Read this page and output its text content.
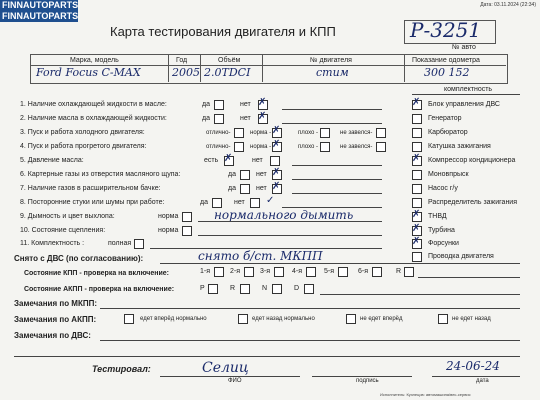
FINNAUTOPARTS
FINNAUTOPARTS
Дата: 03.11.2024 (22:34)
Карта тестирования двигателя и КПП	Р-3251
№ авто
Марка, модель	Год	Объём	№ двигателя	Показание одометра
Ford Focus C-MAX	2005 2.0TDCI	стим	300 152
1. Наличие охлаждающей жидкости в масле:	да	нет ✗
2. Наличие масла в охлаждающей жидкости:	да	нет ✗
3. Пуск и работа холодного двигателя:	отлично-	норма - ✗	плохо -	не завелся-
4. Пуск и работа прогретого двигателя:	отлично-	норма - ✗	плохо -	не завелся-
5. Давление масла:	есть ✗	нет
6. Картерные газы из отверстия масляного щупа:	да	нет ✗
7. Наличие газов в расширительном бачке:	да	нет ✗
8. Посторонние стуки или шумы при работе:	да	нет ✓
9. Дымность и цвет выхлопа:	норма	нормального дымить
10. Состояние сцепления:	норма
11. Комплектность :	полная
комплектность
✗ Блок управления ДВС
Генератор
Карбюратор
Катушка зажигания
✗ Компрессор кондиционера
Моновпрыск
Насос г/у
Распределитель зажигания
✗ ТНВД
✗ Турбина
✗ Форсунки
Проводка двигателя
Снято с ДВС (по согласованию):	снято б/ст. МКПП
Состояние КПП - проверка на включение:	1-я	2-я	3-я	4-я	5-я	6-я	R
Состояние АКПП - проверка на включение:	P	R	N	D
Замечания по МКПП:
Замечания по АКПП:	едет вперёд нормально	едет назад нормально	не едет вперёд	не едет назад
Замечания по ДВС:
Тестировал:	Селиц
ФИО	подпись
24-06-24
дата
Исполнитель: Кузнецов: автомашина/вес-сервис
